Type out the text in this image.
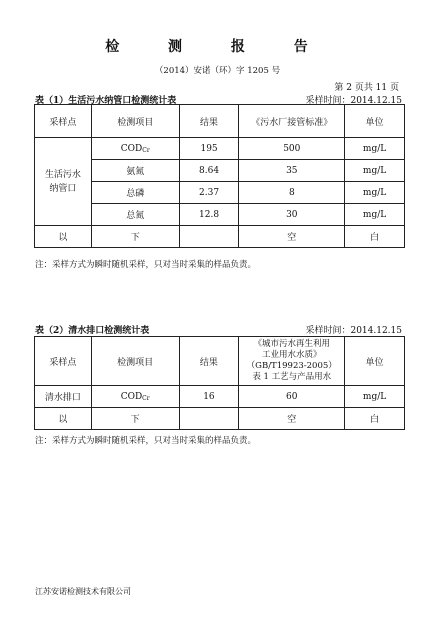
检 测 报 告
（2014）安诺（环）字 1205 号
第 2 页共 11 页
表（1）生活污水纳管口检测统计表	采样时间：2014.12.15
采样点	检测项目	结果	《污水厂接管标准》	单位
生活污水纳管口	CODCr	195	500	mg/L
	氨氮	8.64	35	mg/L
	总磷	2.37	8	mg/L
	总氮	12.8	30	mg/L
以	下		空	白
注：采样方式为瞬时随机采样，只对当时采集的样品负责。
表（2）清水排口检测统计表	采样时间：2014.12.15
采样点	检测项目	结果	《城市污水再生利用
工业用水水质》
（GB/T19923-2005）
表 1 工艺与产品用水	单位
清水排口	CODCr	16	60	mg/L
以	下		空	白
注：采样方式为瞬时随机采样，只对当时采集的样品负责。
江苏安诺检测技术有限公司
